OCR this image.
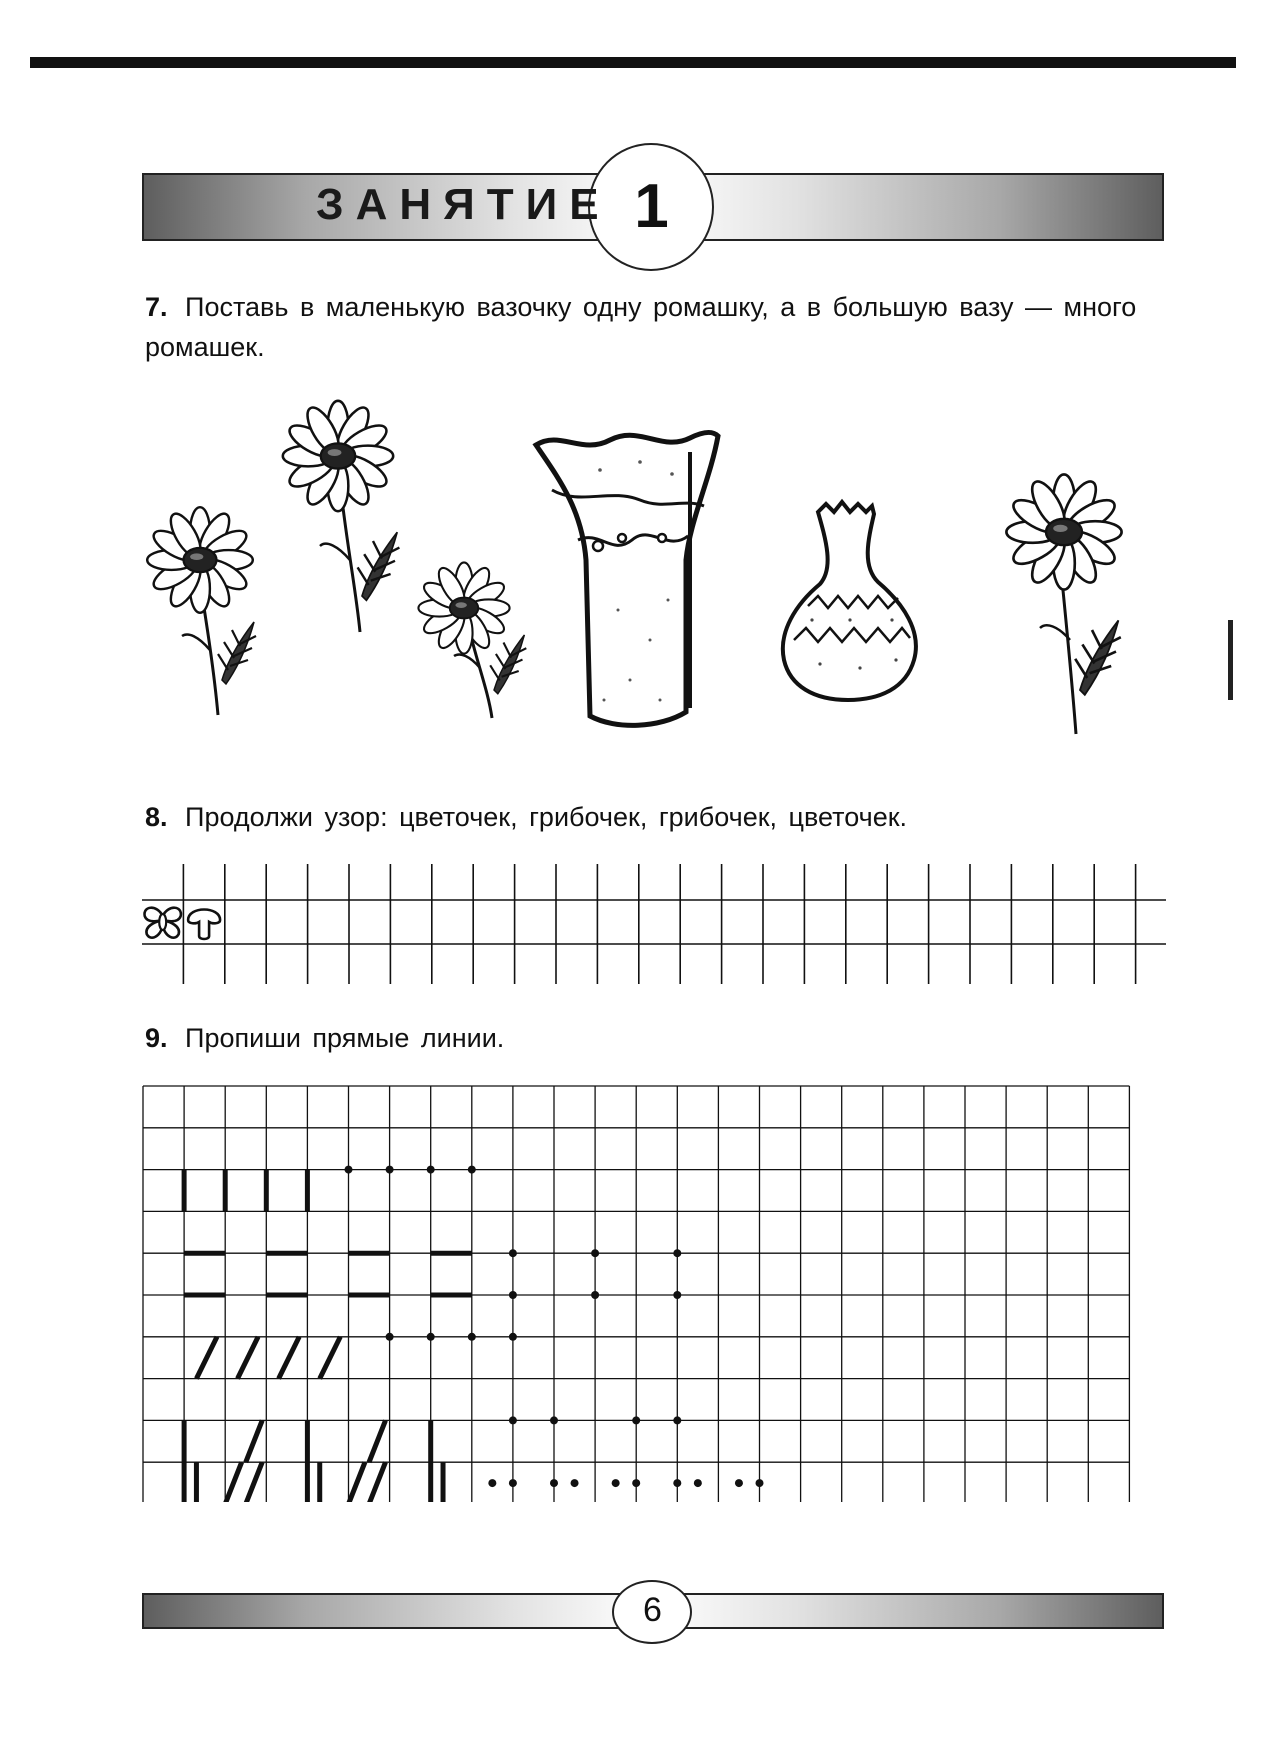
ЗАНЯТИЕ 1

7. Поставь в маленькую вазочку одну ромашку, а в большую вазу — много ромашек.

8. Продолжи узор: цветочек, грибочек, грибочек, цветочек.

9. Пропиши прямые линии.

6
